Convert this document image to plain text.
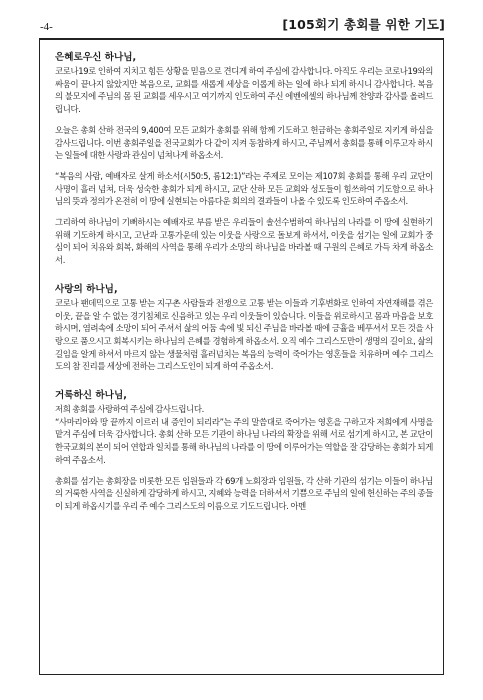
-4-	[105회기 총회를 위한 기도]
은혜로우신 하나님,

코로나19로 인하여 지치고 힘든 상황을 믿음으로 견디게 하여 주심에 감사합니다. 아직도 우리는 코로나19와의 싸움이 끝나지 않았지만 복음으로, 교회를 새롭게 세상을 이롭게 하는 일에 하나 되게 하시니 감사합니다. 복음의 불모지에 주님의 몸 된 교회를 세우시고 여기까지 인도하여 주신 에벤에셀의 하나님께 찬양과 감사를 올려드립니다.

오늘은 총회 산하 전국의 9,400여 모든 교회가 총회를 위해 함께 기도하고 헌금하는 총회주일로 지키게 하심을 감사드립니다. 이번 총회주일을 전국교회가 다 같이 지켜 동참하게 하시고, 주님께서 총회를 통해 이루고자 하시는 일들에 대한 사랑과 관심이 넘쳐나게 하옵소서.

“복음의 사람, 예배자로 살게 하소서(시50:5, 롬12:1)”라는 주제로 모이는 제107회 총회를 통해 우리 교단이 사명이 흘러 넘쳐, 더욱 성숙한 총회가 되게 하시고, 교단 산하 모든 교회와 성도들이 힘쓰하여 기도함으로 하나님의 뜻과 정의가 온전히 이 땅에 실현되는 아름다운 회의의 결과들이 나올 수 있도록 인도하여 주옵소서.

그리하여 하나님이 기뻐하시는 예배자로 부름 받은 우리들이 솔선수범하여 하나님의 나라를 이 땅에 실현하기 위해 기도하게 하시고, 고난과 고통가운데 있는 이웃을 사랑으로 돌보게 하셔서, 이웃을 섬기는 일에 교회가 중심이 되어 치유와 회복, 화해의 사역을 통해 우리가 소망의 하나님을 바라볼 때 구원의 은혜로 가득 차게 하옵소서.

사랑의 하나님,

코로나 팬데믹으로 고통 받는 지구촌 사람들과 전쟁으로 고통 받는 이들과 기후변화로 인하여 자연재해를 겪은 이웃, 끝을 알 수 없는 경기침체로 신음하고 있는 우리 이웃들이 있습니다. 이들을 위로하시고 몸과 마음을 보호하시며, 염려속에 소망이 되어 주셔서 삶의 어둠 속에 빛 되신 주님을 바라볼 때에 긍휼을 베푸셔서 모든 것을 사랑으로 품으시고 회복시키는 하나님의 은혜를 경험하게 하옵소서. 오직 예수 그리스도만이 생명의 길이요, 삶의 길임을 알게 하셔서 마르지 않는 생물처럼 흘러넘치는 복음의 능력이 죽어가는 영혼들을 치유하며 예수 그리스도의 참 진리를 세상에 전하는 그리스도인이 되게 하여 주옵소서.

거룩하신 하나님,

저희 총회를 사랑하여 주심에 감사드립니다.

“사마리아와 땅 끝까지 이르러 내 증인이 되리라”는 주의 말씀대로 죽어가는 영혼을 구하고자 저희에게 사명을 맡겨 주심에 더욱 감사합니다. 총회 산하 모든 기관이 하나님 나라의 확장을 위해 서로 섬기게 하시고, 본 교단이 한국교회의 본이 되어 연합과 일치를 통해 하나님의 나라를 이 땅에 이루어가는 역할을 잘 감당하는 총회가 되게 하여 주옵소서.

총회를 섬기는 총회장을 비롯한 모든 임원들과 각 69개 노회장과 임원들, 각 산하 기관의 섬기는 이들이 하나님의 거룩한 사역을 신실하게 감당하게 하시고, 지혜와 능력을 더하셔서 기쁨으로 주님의 일에 헌신하는 주의 종들이 되게 하옵시기를 우리 주 예수 그리스도의 이름으로 기도드립니다. 아멘
